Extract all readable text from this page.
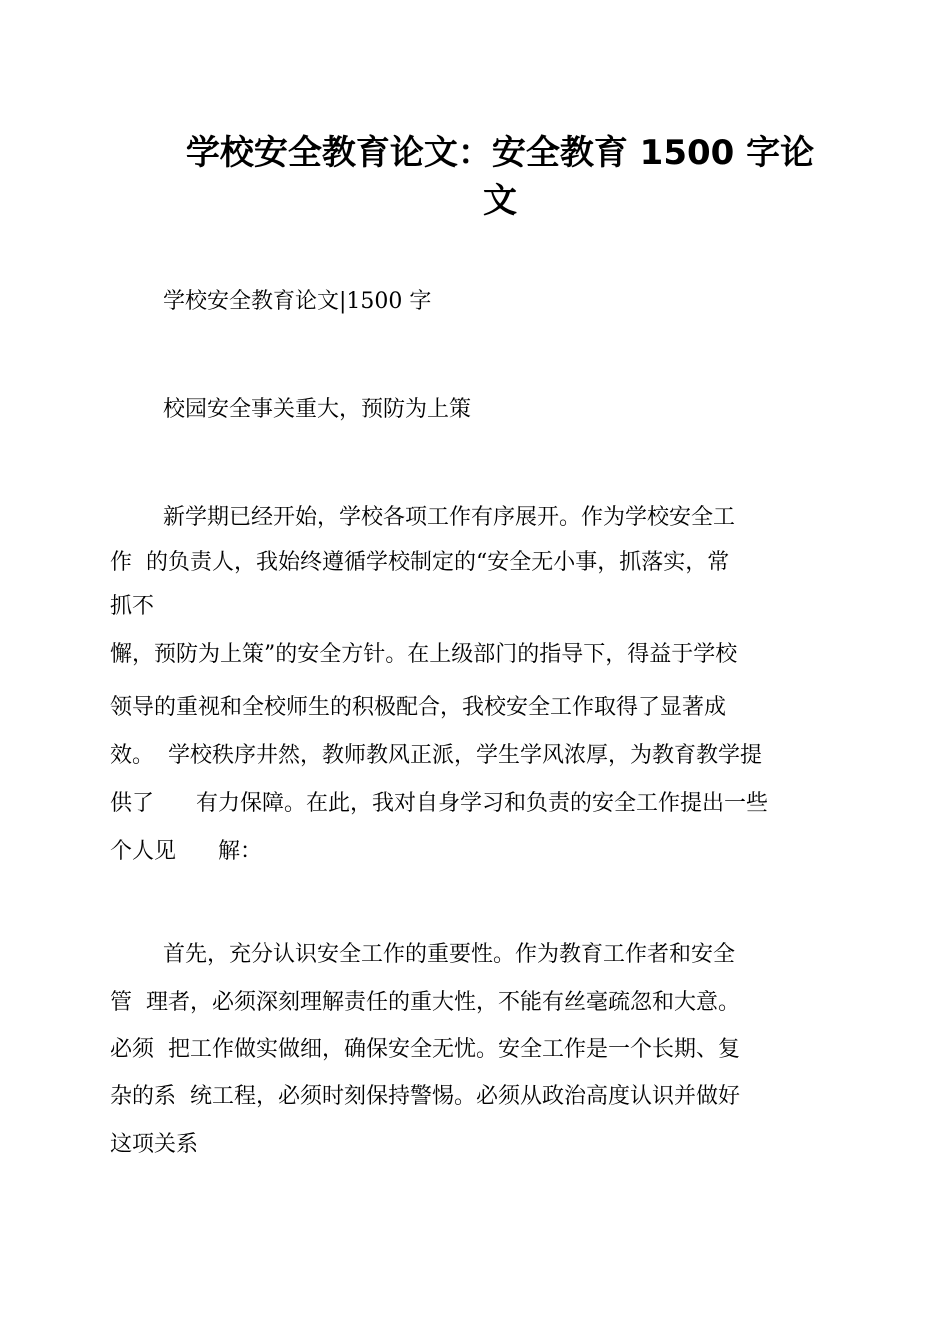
学校安全教育论文：安全教育 1500 字论
文
学校安全教育论文|1500 字
校园安全事关重大，预防为上策
新学期已经开始，学校各项工作有序展开。作为学校安全工
作  的负责人，我始终遵循学校制定的“安全无小事，抓落实，常
抓不
懈，预防为上策”的安全方针。在上级部门的指导下，得益于学校
领导的重视和全校师生的积极配合，我校安全工作取得了显著成
效。  学校秩序井然，教师教风正派，学生学风浓厚，为教育教学提
供了      有力保障。在此，我对自身学习和负责的安全工作提出一些
个人见      解：
首先，充分认识安全工作的重要性。作为教育工作者和安全
管  理者，必须深刻理解责任的重大性，不能有丝毫疏忽和大意。
必须  把工作做实做细，确保安全无忧。安全工作是一个长期、复
杂的系  统工程，必须时刻保持警惕。必须从政治高度认识并做好
这项关系
